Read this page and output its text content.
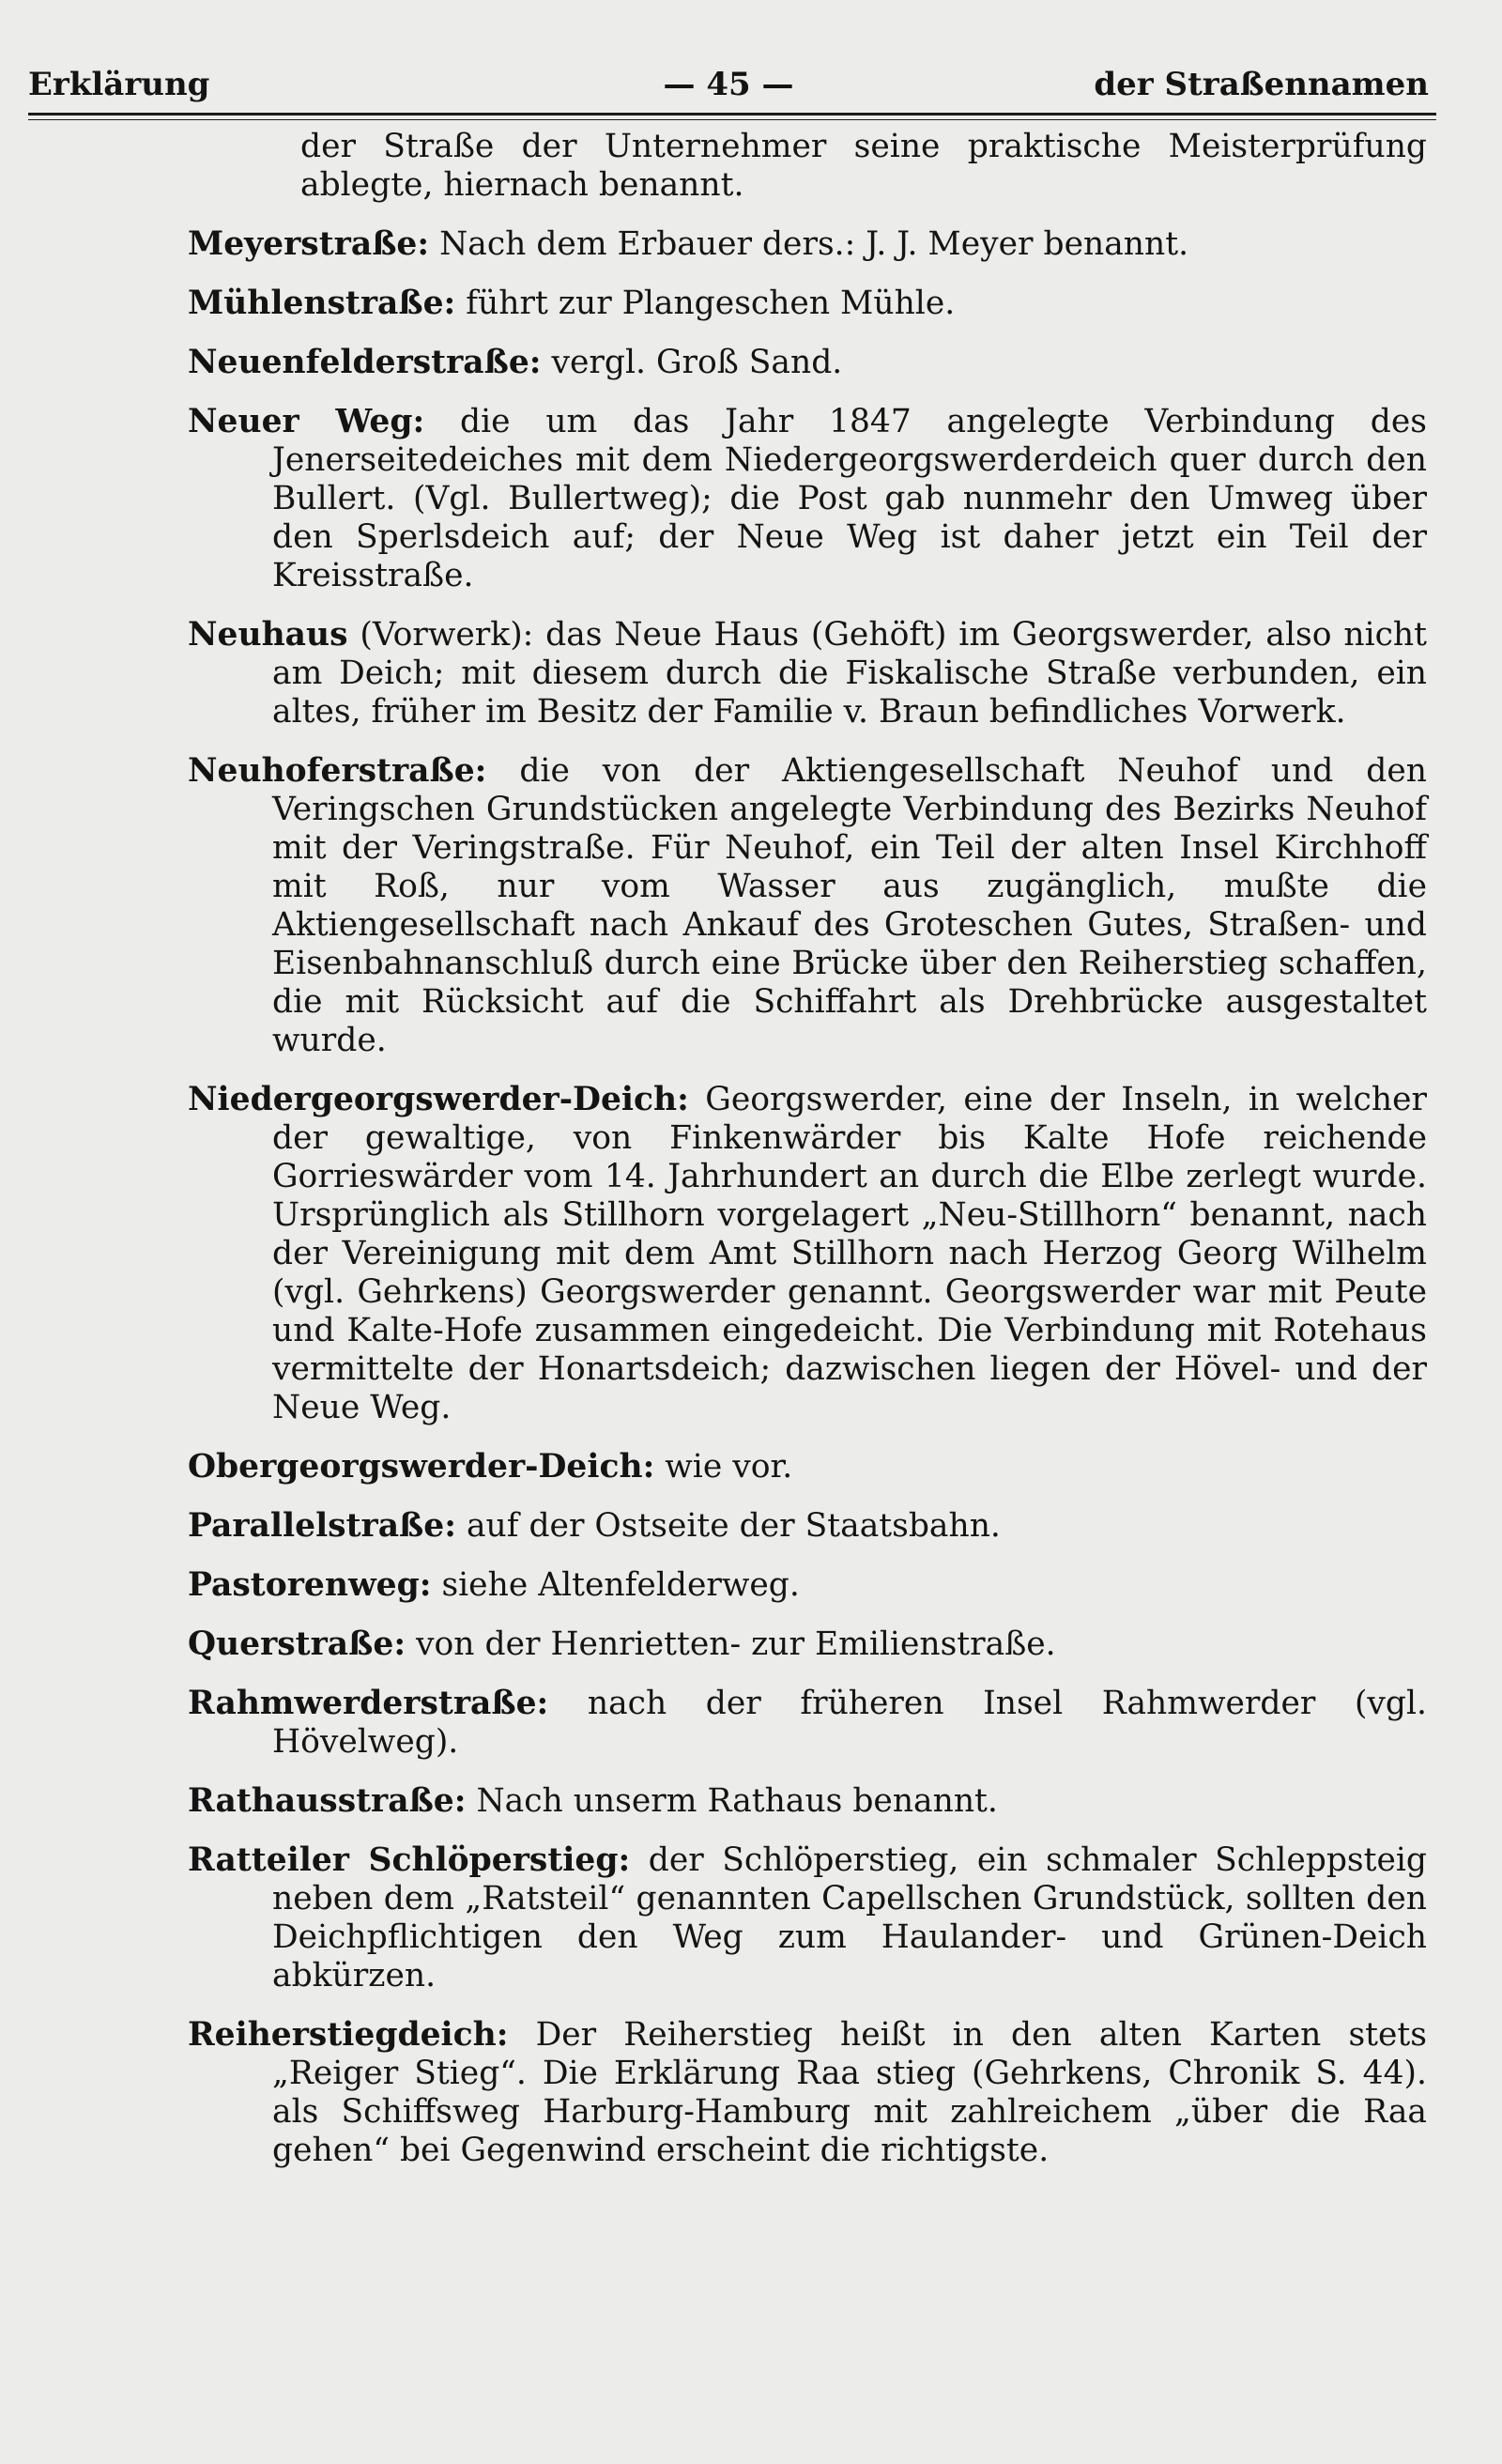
Erklärung	— 45 —	der Straßennamen

der Straße der Unternehmer seine praktische Meisterprüfung ablegte, hiernach benannt.

Meyerstraße: Nach dem Erbauer ders.: J. J. Meyer benannt.

Mühlenstraße: führt zur Plangeschen Mühle.

Neuenfelderstraße: vergl. Groß Sand.

Neuer Weg: die um das Jahr 1847 angelegte Verbindung des Jenerseitedeiches mit dem Niedergeorgswerderdeich quer durch den Bullert. (Vgl. Bullertweg); die Post gab nunmehr den Umweg über den Sperlsdeich auf; der Neue Weg ist daher jetzt ein Teil der Kreisstraße.

Neuhaus (Vorwerk): das Neue Haus (Gehöft) im Georgswerder, also nicht am Deich; mit diesem durch die Fiskalische Straße verbunden, ein altes, früher im Besitz der Familie v. Braun befindliches Vorwerk.

Neuhoferstraße: die von der Aktiengesellschaft Neuhof und den Veringschen Grundstücken angelegte Verbindung des Bezirks Neuhof mit der Veringstraße. Für Neuhof, ein Teil der alten Insel Kirchhoff mit Roß, nur vom Wasser aus zugänglich, mußte die Aktiengesellschaft nach Ankauf des Groteschen Gutes, Straßen- und Eisenbahnanschluß durch eine Brücke über den Reiherstieg schaffen, die mit Rücksicht auf die Schiffahrt als Drehbrücke ausgestaltet wurde.

Niedergeorgswerder-Deich: Georgswerder, eine der Inseln, in welcher der gewaltige, von Finkenwärder bis Kalte Hofe reichende Gorrieswärder vom 14. Jahrhundert an durch die Elbe zerlegt wurde. Ursprünglich als Stillhorn vorgelagert „Neu-Stillhorn“ benannt, nach der Vereinigung mit dem Amt Stillhorn nach Herzog Georg Wilhelm (vgl. Gehrkens) Georgswerder genannt. Georgswerder war mit Peute und Kalte-Hofe zusammen eingedeicht. Die Verbindung mit Rotehaus vermittelte der Honartsdeich; dazwischen liegen der Hövel- und der Neue Weg.

Obergeorgswerder-Deich: wie vor.

Parallelstraße: auf der Ostseite der Staatsbahn.

Pastorenweg: siehe Altenfelderweg.

Querstraße: von der Henrietten- zur Emilienstraße.

Rahmwerderstraße: nach der früheren Insel Rahmwerder (vgl. Hövelweg).

Rathausstraße: Nach unserm Rathaus benannt.

Ratteiler Schlöperstieg: der Schlöperstieg, ein schmaler Schleppsteig neben dem „Ratsteil“ genannten Capellschen Grundstück, sollten den Deichpflichtigen den Weg zum Haulander- und Grünen-Deich abkürzen.

Reiherstiegdeich: Der Reiherstieg heißt in den alten Karten stets „Reiger Stieg“. Die Erklärung Raa stieg (Gehrkens, Chronik S. 44). als Schiffsweg Harburg-Hamburg mit zahlreichem „über die Raa gehen“ bei Gegenwind erscheint die richtigste.
